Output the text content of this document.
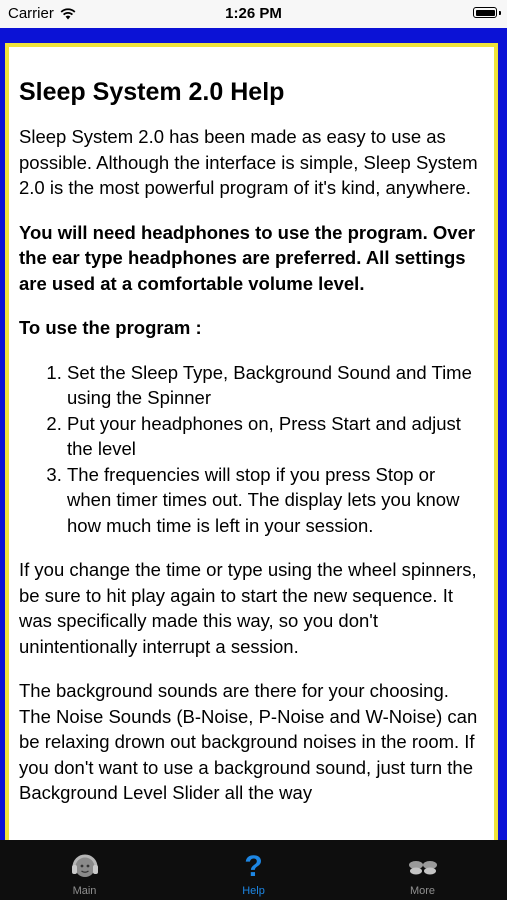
Carrier	1:26 PM
Sleep System 2.0 Help

Sleep System 2.0 has been made as easy to use as possible. Although the interface is simple, Sleep System 2.0 is the most powerful program of it's kind, anywhere.

You will need headphones to use the program. Over the ear type headphones are preferred. All settings are used at a comfortable volume level.

To use the program :

1. Set the Sleep Type, Background Sound and Time using the Spinner
2. Put your headphones on, Press Start and adjust the level
3. The frequencies will stop if you press Stop or when timer times out. The display lets you know how much time is left in your session.

If you change the time or type using the wheel spinners, be sure to hit play again to start the new sequence. It was specifically made this way, so you don't unintentionally interrupt a session.

The background sounds are there for your choosing. The Noise Sounds (B-Noise, P-Noise and W-Noise) can be relaxing drown out background noises in the room. If you don't want to use a background sound, just turn the Background Level Slider all the way

Main
?
Help	More
